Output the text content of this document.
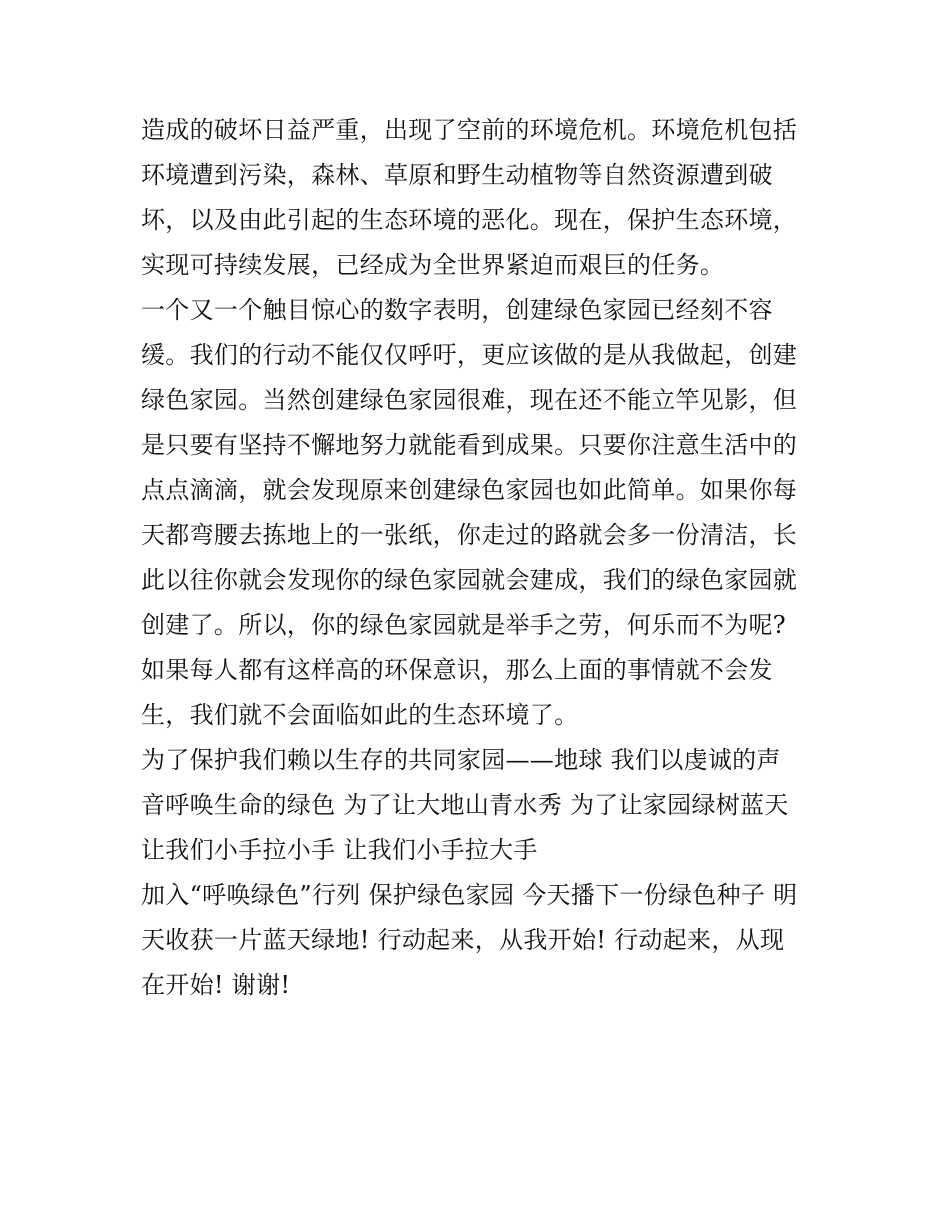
造成的破坏日益严重，出现了空前的环境危机。环境危机包括
环境遭到污染，森林、草原和野生动植物等自然资源遭到破
坏，以及由此引起的生态环境的恶化。现在，保护生态环境，
实现可持续发展，已经成为全世界紧迫而艰巨的任务。
一个又一个触目惊心的数字表明，创建绿色家园已经刻不容
缓。我们的行动不能仅仅呼吁，更应该做的是从我做起，创建
绿色家园。当然创建绿色家园很难，现在还不能立竿见影，但
是只要有坚持不懈地努力就能看到成果。只要你注意生活中的
点点滴滴，就会发现原来创建绿色家园也如此简单。如果你每
天都弯腰去拣地上的一张纸，你走过的路就会多一份清洁，长
此以往你就会发现你的绿色家园就会建成，我们的绿色家园就
创建了。所以，你的绿色家园就是举手之劳，何乐而不为呢?
如果每人都有这样高的环保意识，那么上面的事情就不会发
生，我们就不会面临如此的生态环境了。
为了保护我们赖以生存的共同家园——地球 我们以虔诚的声
音呼唤生命的绿色 为了让大地山青水秀 为了让家园绿树蓝天
让我们小手拉小手 让我们小手拉大手
加入“呼唤绿色”行列 保护绿色家园 今天播下一份绿色种子 明
天收获一片蓝天绿地! 行动起来，从我开始! 行动起来，从现
在开始! 谢谢!
